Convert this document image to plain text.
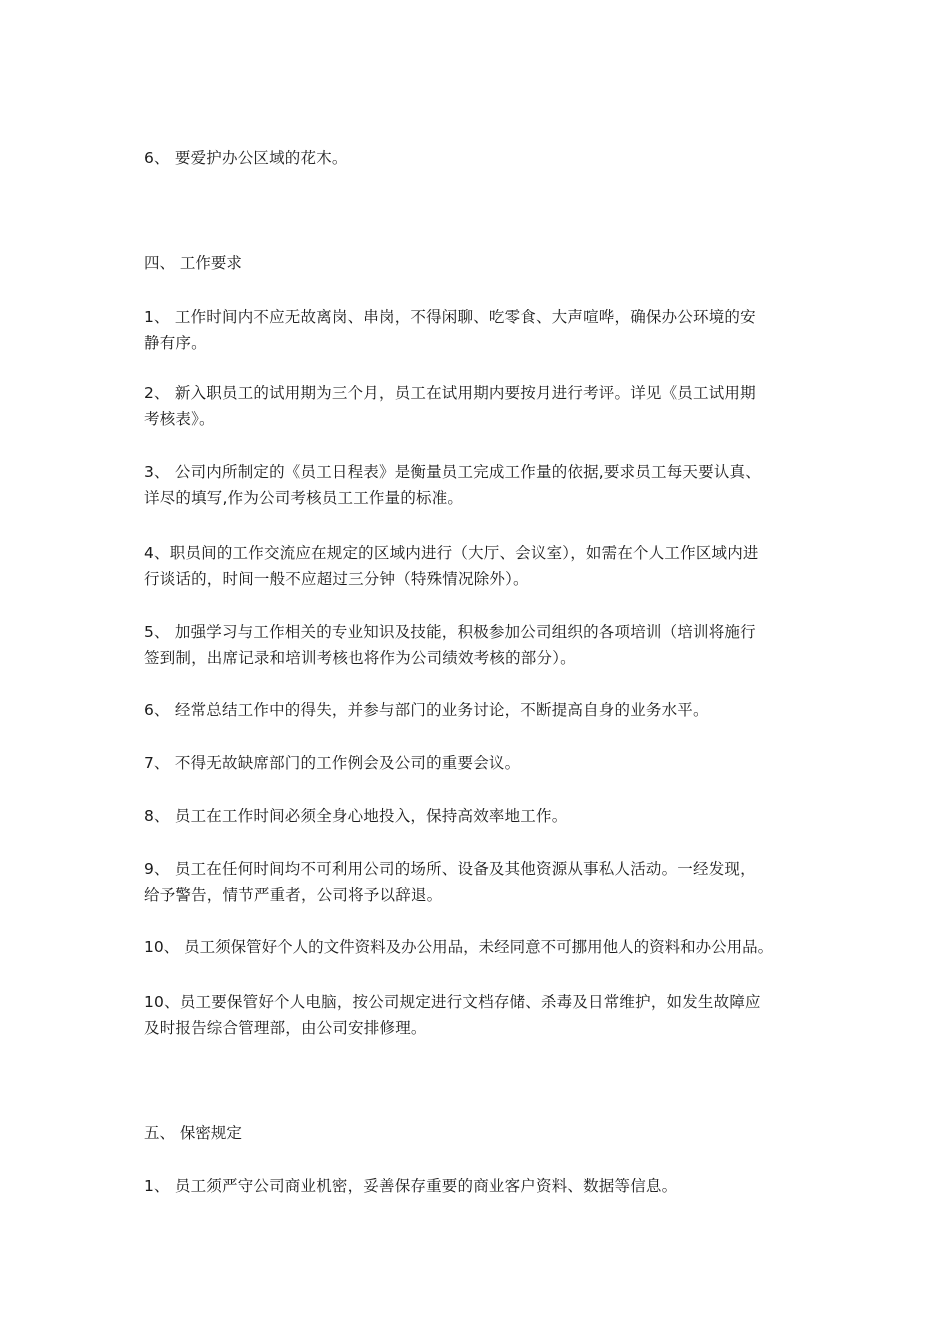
6、 要爱护办公区域的花木。
四、 工作要求
1、 工作时间内不应无故离岗、串岗，不得闲聊、吃零食、大声喧哗，确保办公环境的安
静有序。
2、 新入职员工的试用期为三个月，员工在试用期内要按月进行考评。详见《员工试用期
考核表》。
3、 公司内所制定的《员工日程表》是衡量员工完成工作量的依据,要求员工每天要认真、
详尽的填写,作为公司考核员工工作量的标准。
4、职员间的工作交流应在规定的区域内进行（大厅、会议室），如需在个人工作区域内进
行谈话的，时间一般不应超过三分钟（特殊情况除外）。
5、 加强学习与工作相关的专业知识及技能，积极参加公司组织的各项培训（培训将施行
签到制，出席记录和培训考核也将作为公司绩效考核的部分）。
6、 经常总结工作中的得失，并参与部门的业务讨论，不断提高自身的业务水平。
7、 不得无故缺席部门的工作例会及公司的重要会议。
8、 员工在工作时间必须全身心地投入，保持高效率地工作。
9、 员工在任何时间均不可利用公司的场所、设备及其他资源从事私人活动。一经发现，
给予警告，情节严重者，公司将予以辞退。
10、 员工须保管好个人的文件资料及办公用品，未经同意不可挪用他人的资料和办公用品。
10、员工要保管好个人电脑，按公司规定进行文档存储、杀毒及日常维护，如发生故障应
及时报告综合管理部，由公司安排修理。
五、 保密规定
1、 员工须严守公司商业机密，妥善保存重要的商业客户资料、数据等信息。
